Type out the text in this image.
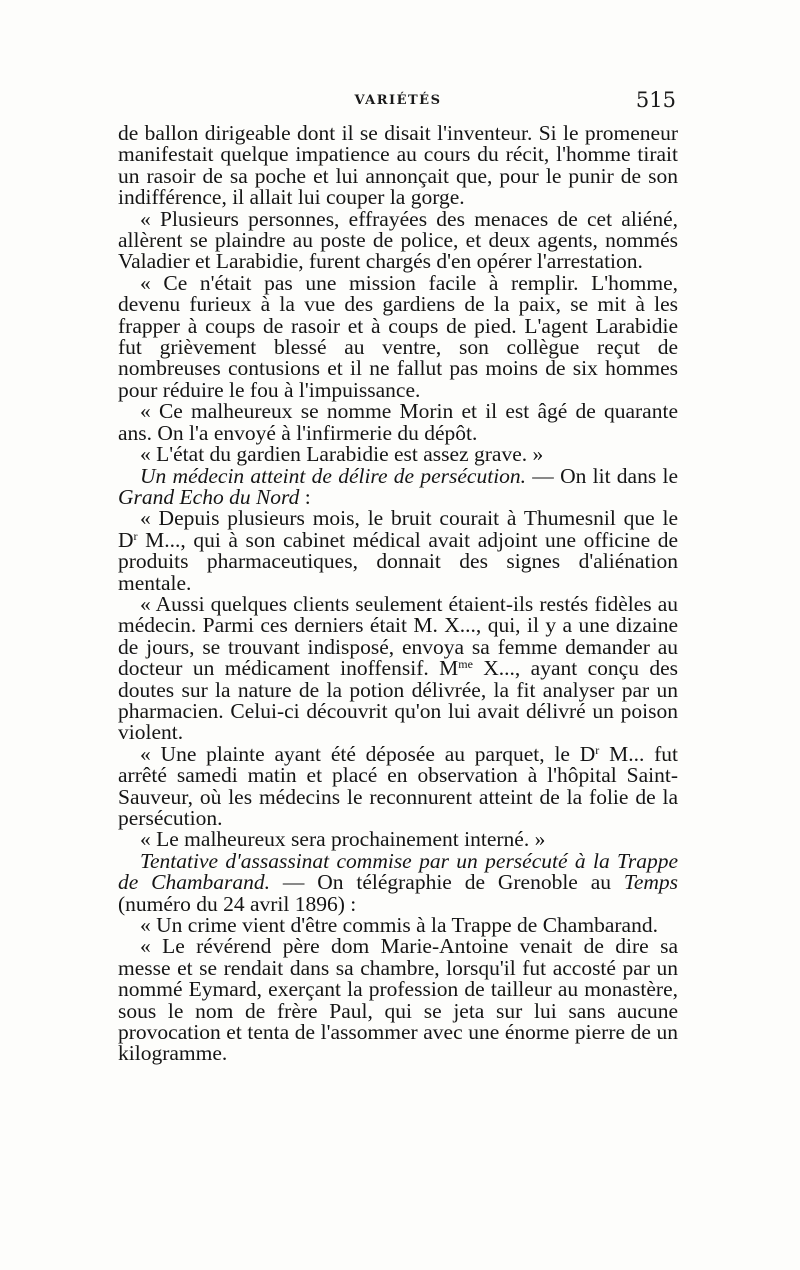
VARIÉTÉS	515

de ballon dirigeable dont il se disait l'inventeur. Si le promeneur manifestait quelque impatience au cours du récit, l'homme tirait un rasoir de sa poche et lui annonçait que, pour le punir de son indifférence, il allait lui couper la gorge.

« Plusieurs personnes, effrayées des menaces de cet aliéné, allèrent se plaindre au poste de police, et deux agents, nommés Valadier et Larabidie, furent chargés d'en opérer l'arrestation.

« Ce n'était pas une mission facile à remplir. L'homme, devenu furieux à la vue des gardiens de la paix, se mit à les frapper à coups de rasoir et à coups de pied. L'agent Larabidie fut grièvement blessé au ventre, son collègue reçut de nombreuses contusions et il ne fallut pas moins de six hommes pour réduire le fou à l'impuissance.

« Ce malheureux se nomme Morin et il est âgé de quarante ans. On l'a envoyé à l'infirmerie du dépôt.

« L'état du gardien Larabidie est assez grave. »

Un médecin atteint de délire de persécution. — On lit dans le Grand Echo du Nord :

« Depuis plusieurs mois, le bruit courait à Thumesnil que le $D^r$ M..., qui à son cabinet médical avait adjoint une officine de produits pharmaceutiques, donnait des signes d'aliénation mentale.

« Aussi quelques clients seulement étaient-ils restés fidèles au médecin. Parmi ces derniers était M. X..., qui, il y a une dizaine de jours, se trouvant indisposé, envoya sa femme demander au docteur un médicament inoffensif. $M^{me}$ X..., ayant conçu des doutes sur la nature de la potion délivrée, la fit analyser par un pharmacien. Celui-ci découvrit qu'on lui avait délivré un poison violent.

« Une plainte ayant été déposée au parquet, le $D^r$ M... fut arrêté samedi matin et placé en observation à l'hôpital Saint-Sauveur, où les médecins le reconnurent atteint de la folie de la persécution.

« Le malheureux sera prochainement interné. »

Tentative d'assassinat commise par un persécuté à la Trappe de Chambarand. — On télégraphie de Grenoble au Temps (numéro du 24 avril 1896) :

« Un crime vient d'être commis à la Trappe de Chambarand.

« Le révérend père dom Marie-Antoine venait de dire sa messe et se rendait dans sa chambre, lorsqu'il fut accosté par un nommé Eymard, exerçant la profession de tailleur au monastère, sous le nom de frère Paul, qui se jeta sur lui sans aucune provocation et tenta de l'assommer avec une énorme pierre de un kilogramme.
